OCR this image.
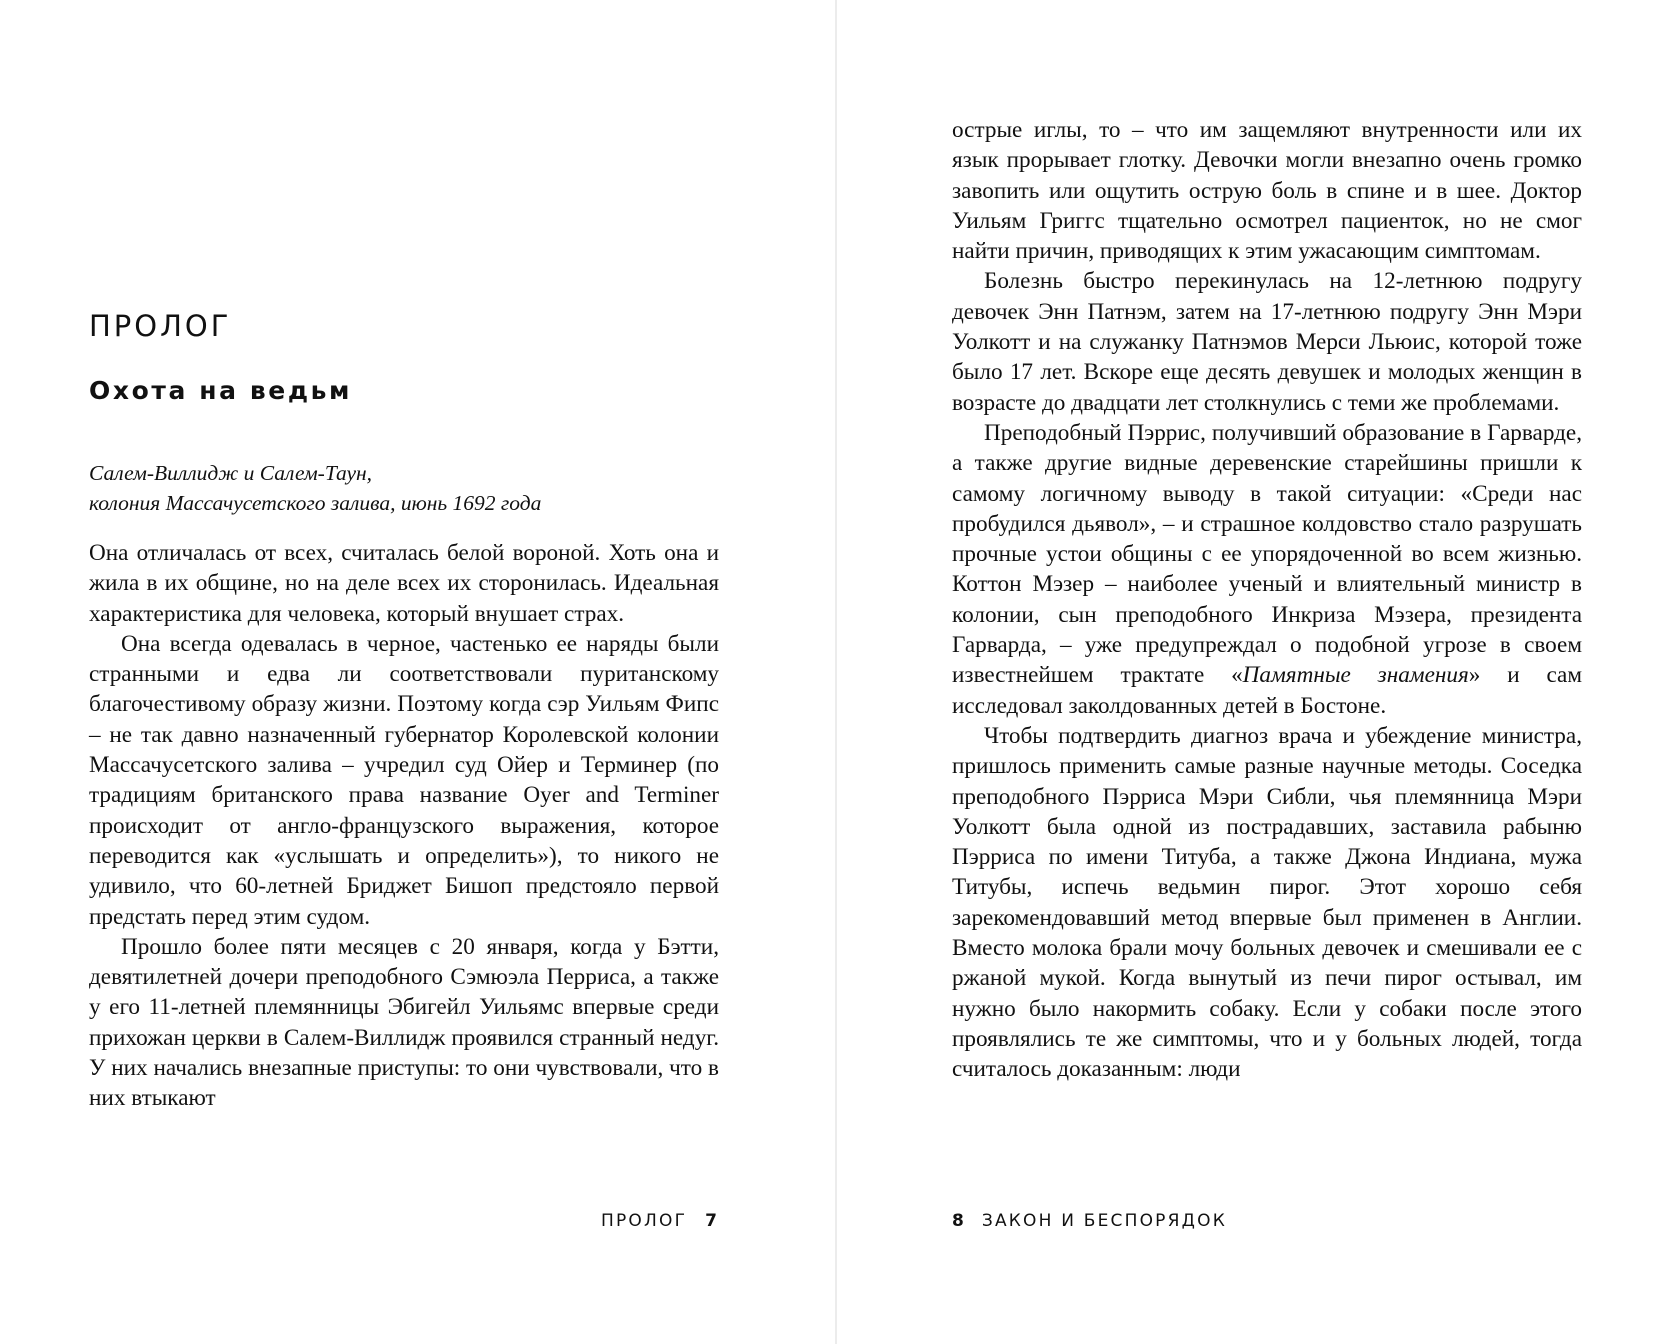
ПРОЛОГ
Охота на ведьм
Салем-Виллидж и Салем-Таун,
колония Массачусетского залива, июнь 1692 года

Она отличалась от всех, считалась белой вороной. Хоть она и жила в их общине, но на деле всех их сторонилась. Идеальная характеристика для человека, который внушает страх.

Она всегда одевалась в черное, частенько ее наряды были странными и едва ли соответствовали пуританскому благочестивому образу жизни. Поэтому когда сэр Уильям Фипс – не так давно назначенный губернатор Королевской колонии Массачусетского залива – учредил суд Ойер и Терминер (по традициям британского права название Oyer and Terminer происходит от англо-французского выражения, которое переводится как «услышать и определить»), то никого не удивило, что 60-летней Бриджет Бишоп предстояло первой предстать перед этим судом.

Прошло более пяти месяцев с 20 января, когда у Бэтти, девятилетней дочери преподобного Сэмюэла Перриса, а также у его 11-летней племянницы Эбигейл Уильямс впервые среди прихожан церкви в Салем-Виллидж проявился странный недуг. У них начались внезапные приступы: то они чувствовали, что в них втыкают

ПРОЛОГ 7

острые иглы, то – что им защемляют внутренности или их язык прорывает глотку. Девочки могли внезапно очень громко завопить или ощутить острую боль в спине и в шее. Доктор Уильям Григгс тщательно осмотрел пациенток, но не смог найти причин, приводящих к этим ужасающим симптомам.

Болезнь быстро перекинулась на 12-летнюю подругу девочек Энн Патнэм, затем на 17-летнюю подругу Энн Мэри Уолкотт и на служанку Патнэмов Мерси Льюис, которой тоже было 17 лет. Вскоре еще десять девушек и молодых женщин в возрасте до двадцати лет столкнулись с теми же проблемами.

Преподобный Пэррис, получивший образование в Гарварде, а также другие видные деревенские старейшины пришли к самому логичному выводу в такой ситуации: «Среди нас пробудился дьявол», – и страшное колдовство стало разрушать прочные устои общины с ее упорядоченной во всем жизнью. Коттон Мэзер – наиболее ученый и влиятельный министр в колонии, сын преподобного Инкриза Мэзера, президента Гарварда, – уже предупреждал о подобной угрозе в своем известнейшем трактате «Памятные знамения» и сам исследовал заколдованных детей в Бостоне.

Чтобы подтвердить диагноз врача и убеждение министра, пришлось применить самые разные научные методы. Соседка преподобного Пэрриса Мэри Сибли, чья племянница Мэри Уолкотт была одной из пострадавших, заставила рабыню Пэрриса по имени Титуба, а также Джона Индиана, мужа Титубы, испечь ведьмин пирог. Этот хорошо себя зарекомендовавший метод впервые был применен в Англии. Вместо молока брали мочу больных девочек и смешивали ее с ржаной мукой. Когда вынутый из печи пирог остывал, им нужно было накормить собаку. Если у собаки после этого проявлялись те же симптомы, что и у больных людей, тогда считалось доказанным: люди

8 ЗАКОН И БЕСПОРЯДОК
